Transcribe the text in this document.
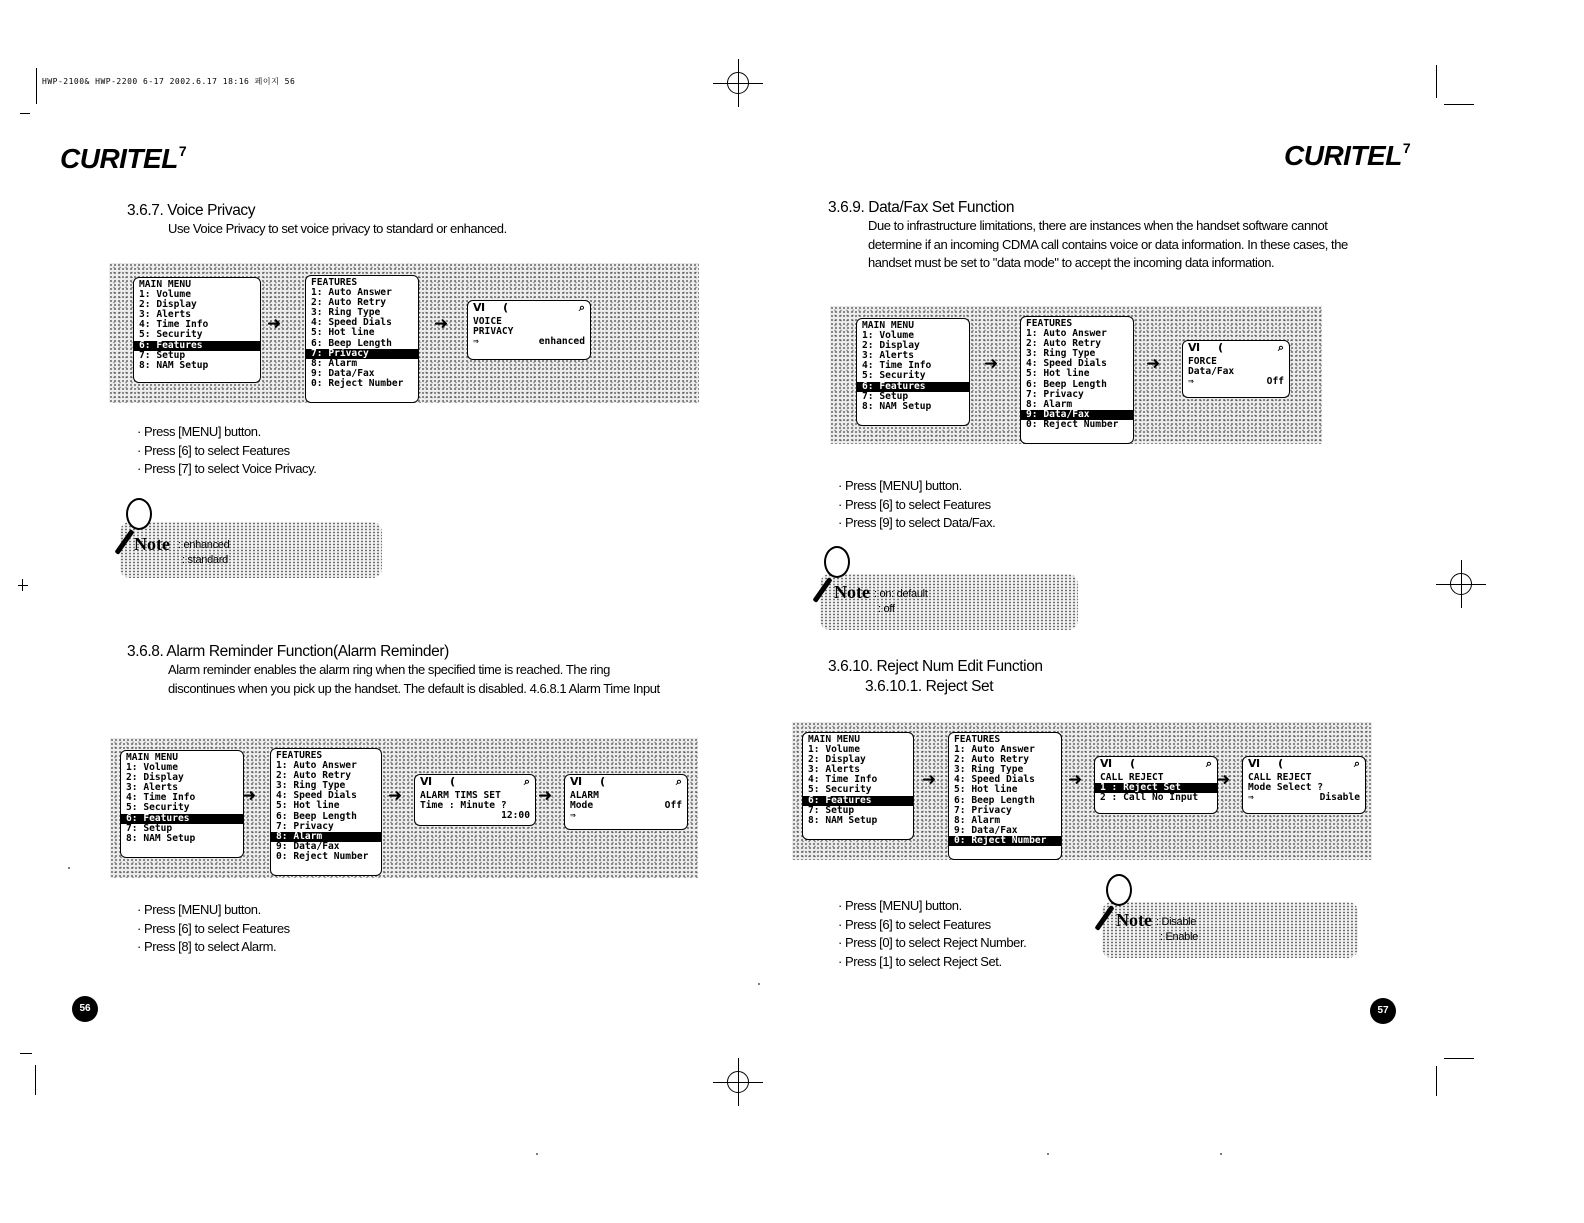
HWP-2100& HWP-2200 6-17 2002.6.17 18:16 페이지 56
CURITEL$^7$	CURITEL$^7$
3.6.7. Voice Privacy
Use Voice Privacy to set voice privacy to standard or enhanced.
MAIN MENU
1: Volume
2: Display
3: Alerts
4: Time Info
5: Security
6: Features
7: Setup
8: NAM Setup
➜
FEATURES
1: Auto Answer
2: Auto Retry
3: Ring Type
4: Speed Dials
5: Hot line
6: Beep Length
7: Privacy
8: Alarm
9: Data/Fax
0: Reject Number
➜
Ⅵ (	⌕
VOICE
PRIVACY
⇒	enhanced
· Press [MENU] button.
· Press [6] to select Features
· Press [7] to select Voice Privacy.
Note : enhanced
: standard
3.6.8. Alarm Reminder Function(Alarm Reminder)
Alarm reminder enables the alarm ring when the specified time is reached. The ring discontinues when you pick up the handset. The default is disabled. 4.6.8.1 Alarm Time Input
MAIN MENU
1: Volume
2: Display
3: Alerts
4: Time Info
5: Security
6: Features
7: Setup
8: NAM Setup
➜
FEATURES
1: Auto Answer
2: Auto Retry
3: Ring Type
4: Speed Dials
5: Hot line
6: Beep Length
7: Privacy
8: Alarm
9: Data/Fax
0: Reject Number
➜
Ⅵ (	⌕
ALARM TIMS SET
Time : Minute ?
12:00
➜
Ⅵ (	⌕
ALARM
Mode	Off
⇒
· Press [MENU] button.
· Press [6] to select Features
· Press [8] to select Alarm.
56
3.6.9. Data/Fax Set Function
Due to infrastructure limitations, there are instances when the handset software cannot determine if an incoming CDMA call contains voice or data information. In these cases, the handset must be set to "data mode" to accept the incoming data information.
MAIN MENU
1: Volume
2: Display
3: Alerts
4: Time Info
5: Security
6: Features
7: Setup
8: NAM Setup
➜
FEATURES
1: Auto Answer
2: Auto Retry
3: Ring Type
4: Speed Dials
5: Hot line
6: Beep Length
7: Privacy
8: Alarm
9: Data/Fax
0: Reject Number
➜
Ⅵ (	⌕
FORCE
Data/Fax
⇒	Off
· Press [MENU] button.
· Press [6] to select Features
· Press [9] to select Data/Fax.
Note : on: default
: off
3.6.10. Reject Num Edit Function
3.6.10.1. Reject Set
MAIN MENU
1: Volume
2: Display
3: Alerts
4: Time Info
5: Security
6: Features
7: Setup
8: NAM Setup
➜
FEATURES
1: Auto Answer
2: Auto Retry
3: Ring Type
4: Speed Dials
5: Hot line
6: Beep Length
7: Privacy
8: Alarm
9: Data/Fax
0: Reject Number
➜
Ⅵ (	⌕
CALL REJECT
1 : Reject Set
2 : Call No Input
➜
Ⅵ (	⌕
CALL REJECT
Mode Select ?
⇒	Disable
· Press [MENU] button.
· Press [6] to select Features
· Press [0] to select Reject Number.
· Press [1] to select Reject Set.
Note : Disable
: Enable
57
